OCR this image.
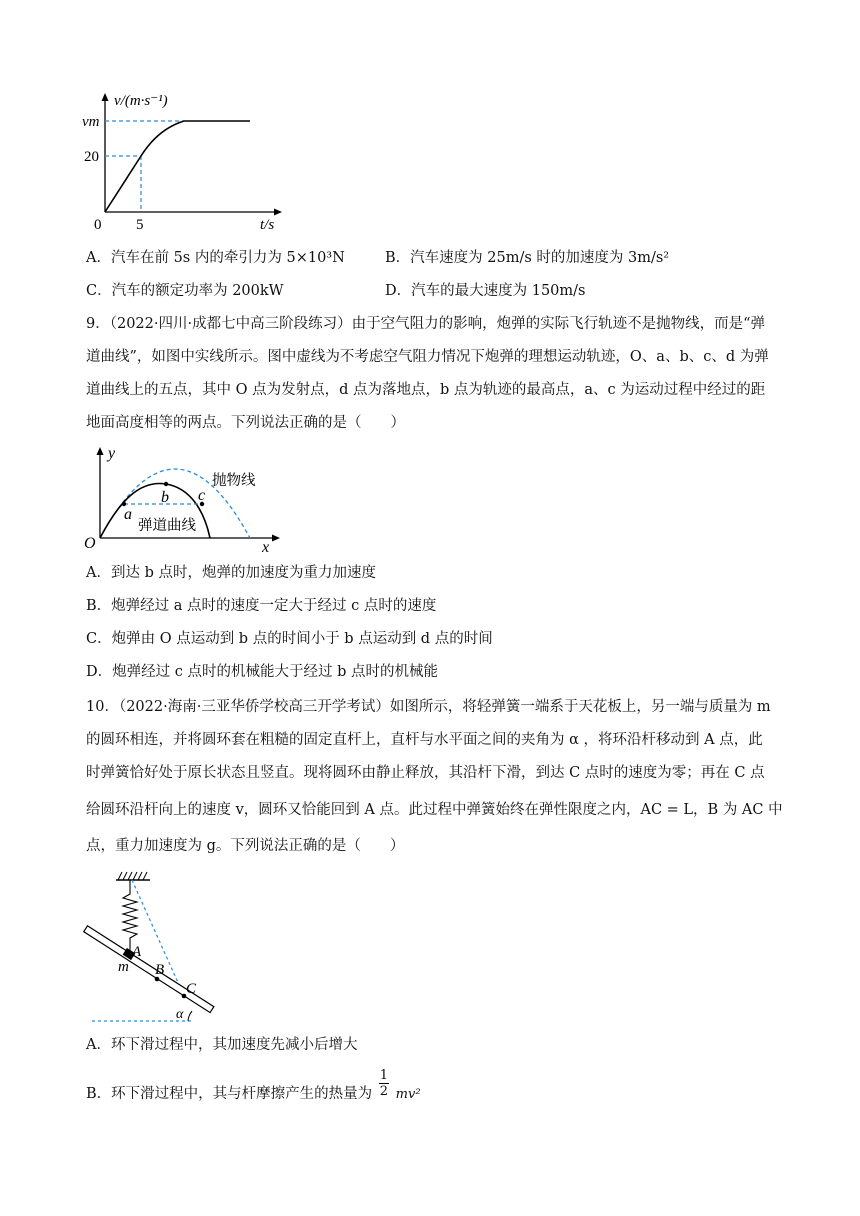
v/(m·s⁻¹)
vm
20
0 5	t/s
A．汽车在前 5s 内的牵引力为 5×10³N	B．汽车速度为 25m/s 时的加速度为 3m/s²
C．汽车的额定功率为 200kW	D．汽车的最大速度为 150m/s
9．（2022·四川·成都七中高三阶段练习）由于空气阻力的影响，炮弹的实际飞行轨迹不是抛物线，而是“弹
道曲线”，如图中实线所示。图中虚线为不考虑空气阻力情况下炮弹的理想运动轨迹，O、a、b、c、d 为弹
道曲线上的五点，其中 O 点为发射点，d 点为落地点，b 点为轨迹的最高点，a、c 为运动过程中经过的距
地面高度相等的两点。下列说法正确的是（　　）
a
b c
抛物线
弹道曲线
y
x
O
A．到达 b 点时，炮弹的加速度为重力加速度
B．炮弹经过 a 点时的速度一定大于经过 c 点时的速度
C．炮弹由 O 点运动到 b 点的时间小于 b 点运动到 d 点的时间
D．炮弹经过 c 点时的机械能大于经过 b 点时的机械能
10．（2022·海南·三亚华侨学校高三开学考试）如图所示，将轻弹簧一端系于天花板上，另一端与质量为 m
的圆环相连，并将圆环套在粗糙的固定直杆上，直杆与水平面之间的夹角为 α ，将环沿杆移动到 A 点，此
时弹簧恰好处于原长状态且竖直。现将圆环由静止释放，其沿杆下滑，到达 C 点时的速度为零；再在 C 点
给圆环沿杆向上的速度 v，圆环又恰能回到 A 点。此过程中弹簧始终在弹性限度之内，AC = L，B 为 AC 中
点，重力加速度为 g。下列说法正确的是（　　）
A
m B
C
α
A．环下滑过程中，其加速度先减小后增大
B．环下滑过程中，其与杆摩擦产生的热量为 $\frac{1}{2} mv^2$
